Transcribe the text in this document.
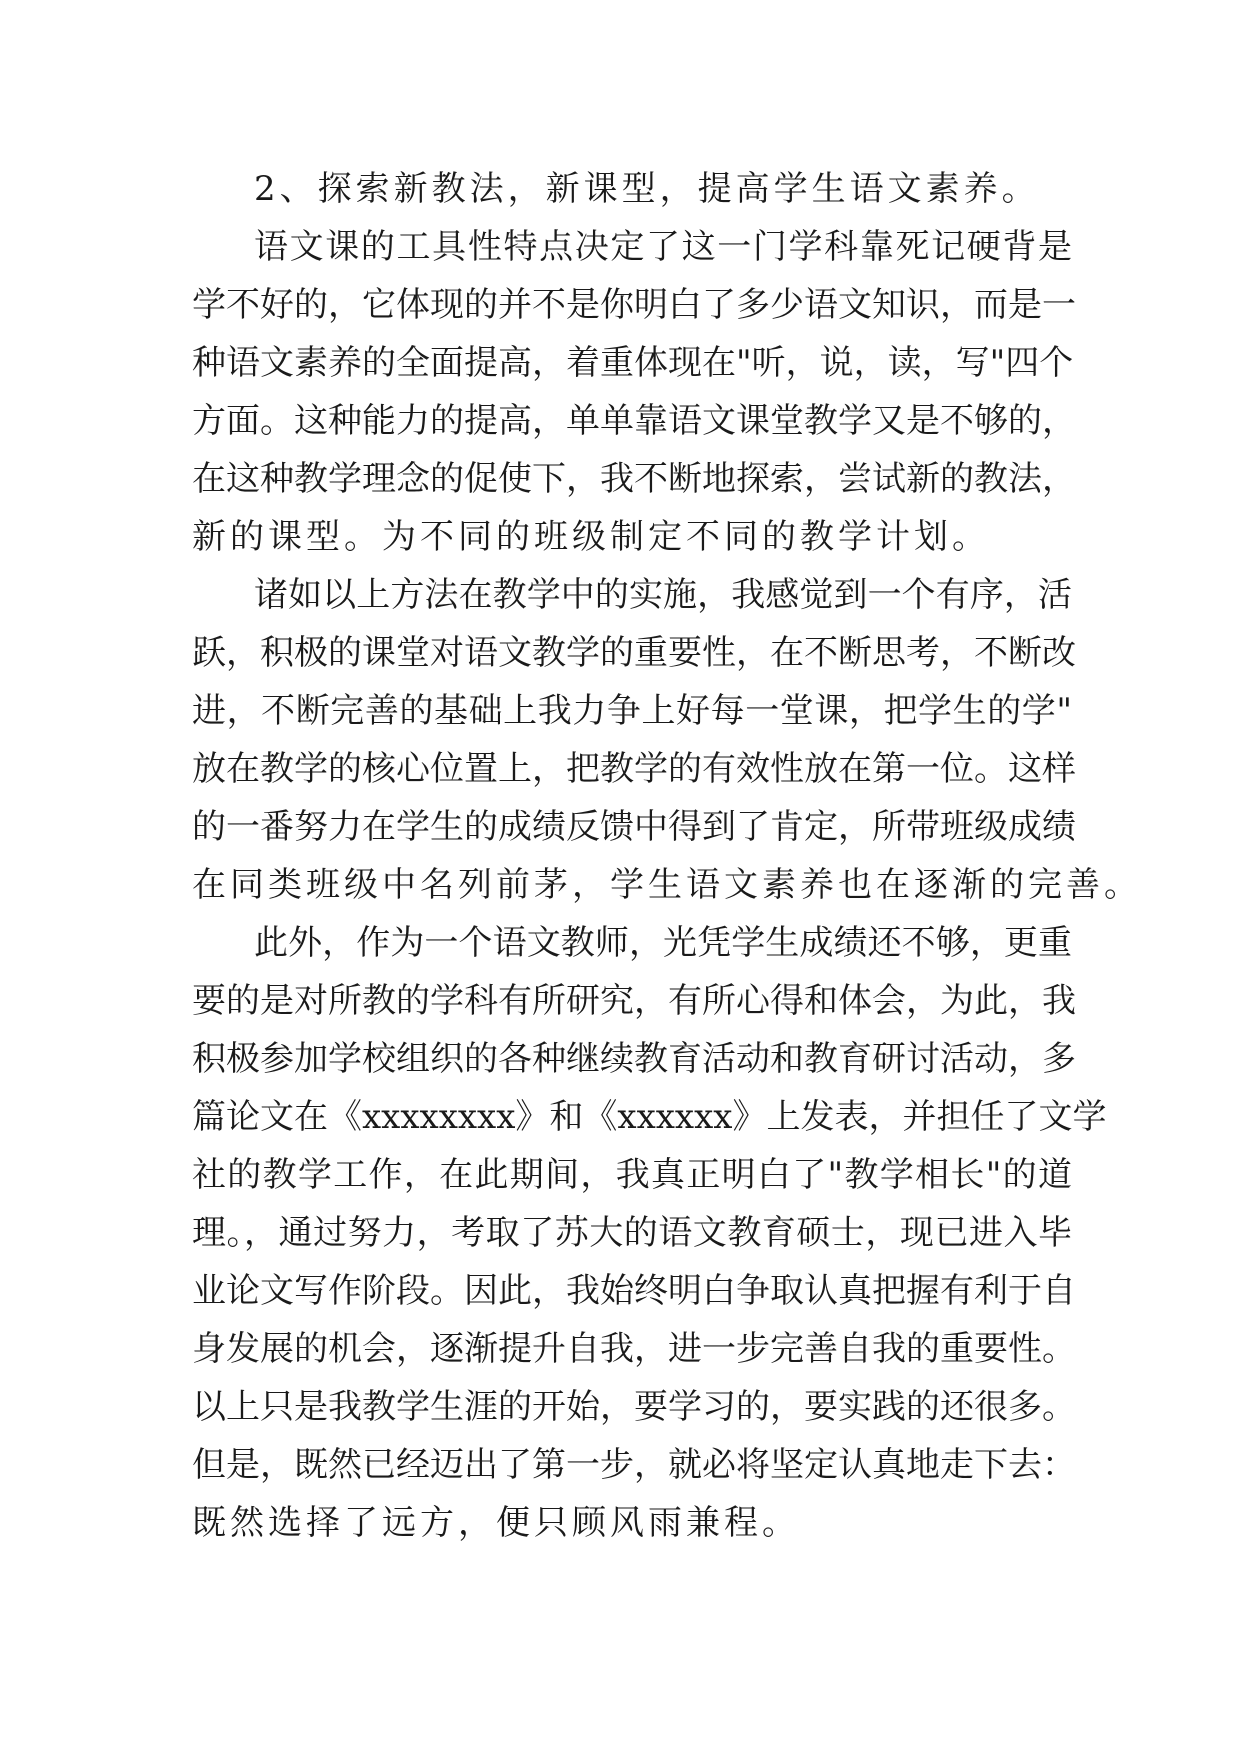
2、探索新教法，新课型，提高学生语文素养。
语文课的工具性特点决定了这一门学科靠死记硬背是
学不好的，它体现的并不是你明白了多少语文知识，而是一
种语文素养的全面提高，着重体现在"听，说，读，写"四个
方面。这种能力的提高，单单靠语文课堂教学又是不够的，
在这种教学理念的促使下，我不断地探索，尝试新的教法，
新的课型。为不同的班级制定不同的教学计划。
诸如以上方法在教学中的实施，我感觉到一个有序，活
跃，积极的课堂对语文教学的重要性，在不断思考，不断改
进，不断完善的基础上我力争上好每一堂课，把学生的学"
放在教学的核心位置上，把教学的有效性放在第一位。这样
的一番努力在学生的成绩反馈中得到了肯定，所带班级成绩
在同类班级中名列前茅，学生语文素养也在逐渐的完善。
此外，作为一个语文教师，光凭学生成绩还不够，更重
要的是对所教的学科有所研究，有所心得和体会，为此，我
积极参加学校组织的各种继续教育活动和教育研讨活动，多
篇论文在《xxxxxxxx》和《xxxxxx》上发表，并担任了文学
社的教学工作，在此期间，我真正明白了"教学相长"的道
理。，通过努力，考取了苏大的语文教育硕士，现已进入毕
业论文写作阶段。因此，我始终明白争取认真把握有利于自
身发展的机会，逐渐提升自我，进一步完善自我的重要性。
以上只是我教学生涯的开始，要学习的，要实践的还很多。
但是，既然已经迈出了第一步，就必将坚定认真地走下去：
既然选择了远方，便只顾风雨兼程。
